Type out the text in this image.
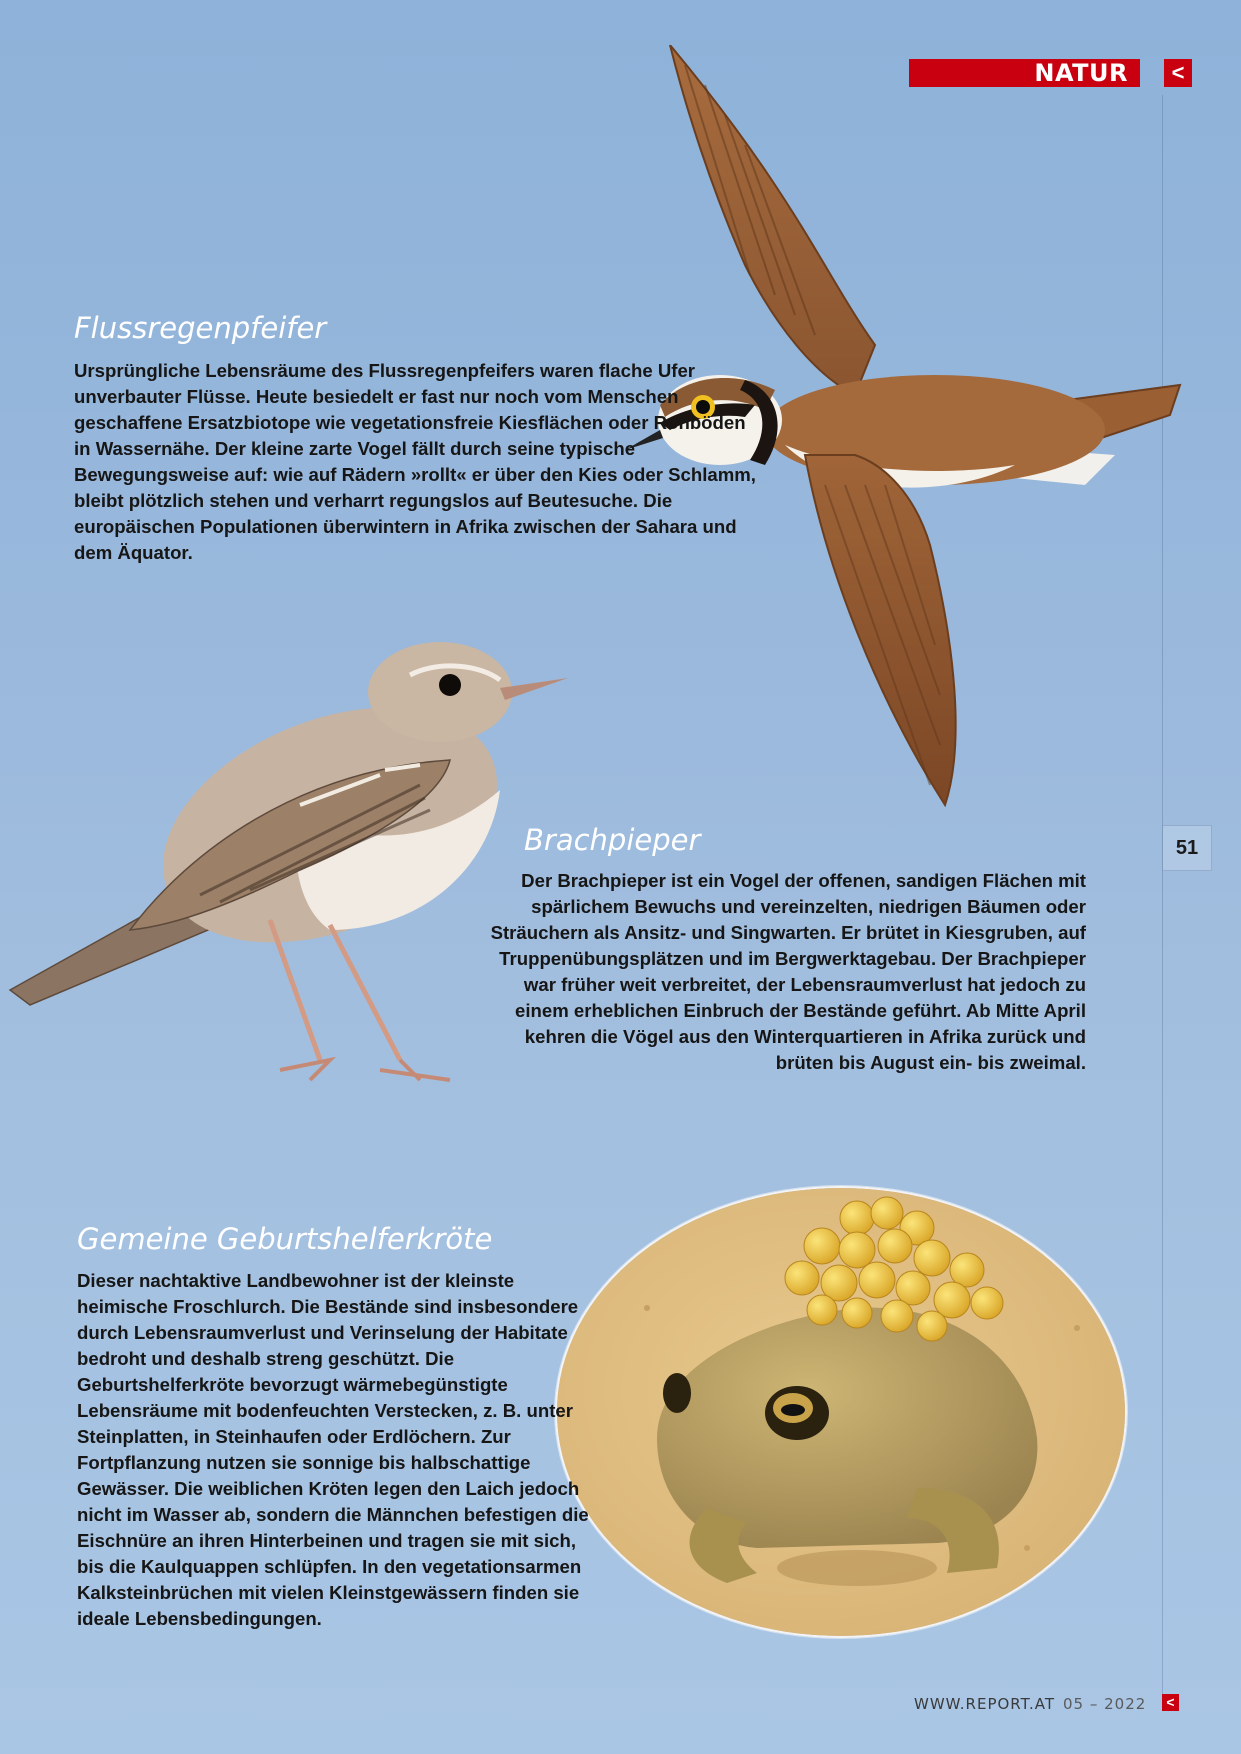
NATUR	<
51
Flussregenpfeifer

Ursprüngliche Lebensräume des Flussregenpfeifers waren flache Ufer unverbauter Flüsse. Heute besiedelt er fast nur noch vom Menschen geschaffene Ersatzbiotope wie vegetationsfreie Kiesflächen oder Rohböden in Wassernähe. Der kleine zarte Vogel fällt durch seine typische Bewegungsweise auf: wie auf Rädern »rollt« er über den Kies oder Schlamm, bleibt plötzlich stehen und verharrt regungslos auf Beutesuche. Die europäischen Populationen überwintern in Afrika zwischen der Sahara und dem Äquator.

Brachpieper

Der Brachpieper ist ein Vogel der offenen, sandigen Flächen mit spärlichem Bewuchs und vereinzelten, niedrigen Bäumen oder Sträuchern als Ansitz- und Singwarten. Er brütet in Kiesgruben, auf Truppenübungsplätzen und im Bergwerktagebau. Der Brachpieper war früher weit verbreitet, der Lebensraumverlust hat jedoch zu einem erheblichen Einbruch der Bestände geführt. Ab Mitte April kehren die Vögel aus den Winterquartieren in Afrika zurück und brüten bis August ein- bis zweimal.

Gemeine Geburtshelferkröte

Dieser nachtaktive Landbewohner ist der kleinste heimische Froschlurch. Die Bestände sind insbesondere durch Lebensraumverlust und Verinselung der Habitate bedroht und deshalb streng geschützt. Die Geburtshelferkröte bevorzugt wärmebegünstigte Lebensräume mit bodenfeuchten Verstecken, z. B. unter Steinplatten, in Steinhaufen oder Erdlöchern. Zur Fortpflanzung nutzen sie sonnige bis halbschattige Gewässer. Die weiblichen Kröten legen den Laich jedoch nicht im Wasser ab, sondern die Männchen befestigen die Eischnüre an ihren Hinterbeinen und tragen sie mit sich, bis die Kaulquappen schlüpfen. In den vegetationsarmen Kalksteinbrüchen mit vielen Kleinstgewässern finden sie ideale Lebensbedingungen.

WWW.REPORT.AT 05 – 2022	<
